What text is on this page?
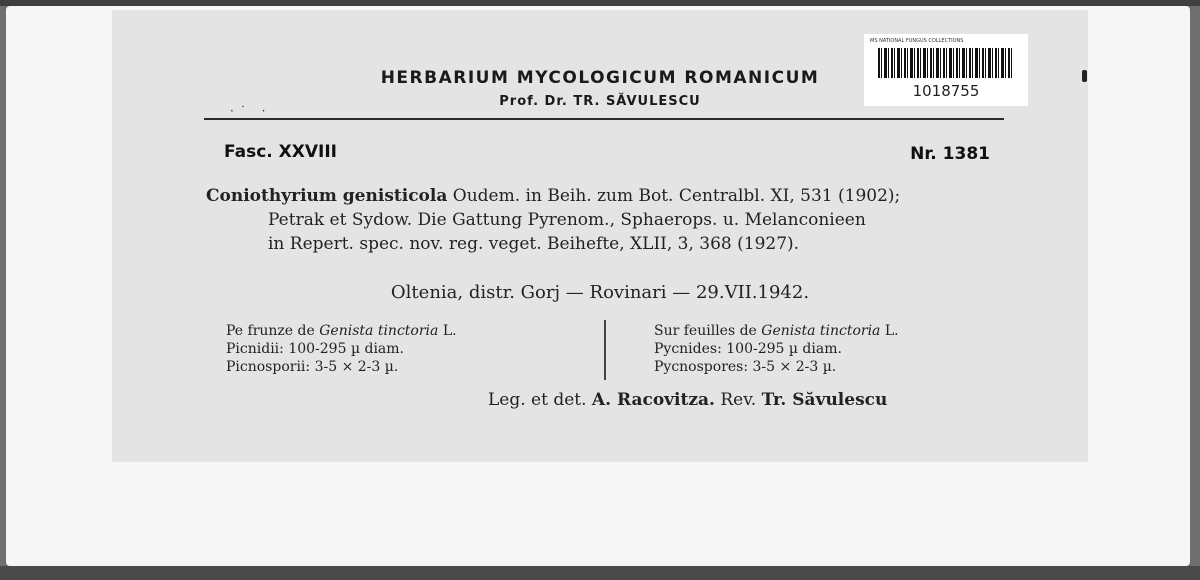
·˙ ·
HERBARIUM MYCOLOGICUM ROMANICUM
Prof. Dr. TR. SĂVULESCU
Fasc. XXVIII	Nr. 1381
Coniothyrium genisticola Oudem. in Beih. zum Bot. Centralbl. XI, 531 (1902);
Petrak et Sydow. Die Gattung Pyrenom., Sphaerops. u. Melanconieen
in Repert. spec. nov. reg. veget. Beihefte, XLII, 3, 368 (1927).
Oltenia, distr. Gorj — Rovinari — 29.VII.1942.
Pe frunze de Genista tinctoria L.
Picnidii: 100-295 µ diam.
Picnosporii: 3-5 × 2-3 µ.
Sur feuilles de Genista tinctoria L.
Pycnides: 100-295 µ diam.
Pycnospores: 3-5 × 2-3 µ.
Leg. et det. A. Racovitza. Rev. Tr. Săvulescu
MS NATIONAL FUNGUS COLLECTIONS
1018755
